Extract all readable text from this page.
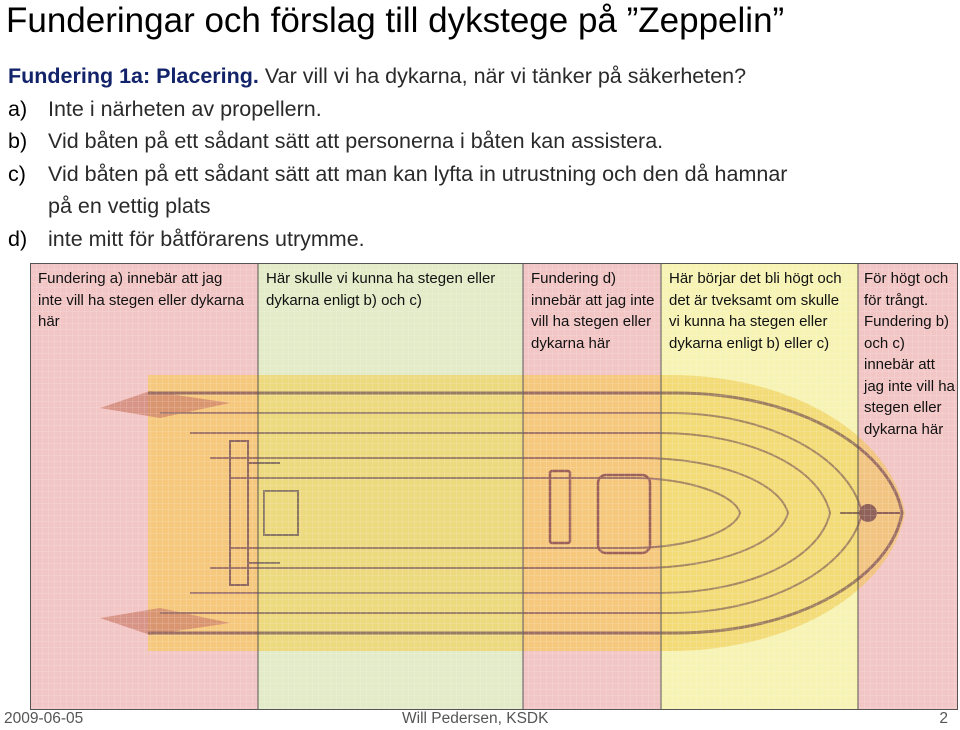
Funderingar och förslag till dykstege på ”Zeppelin”
Fundering 1a: Placering. Var vill vi ha dykarna, när vi tänker på säkerheten?
a) Inte i närheten av propellern.
b) Vid båten på ett sådant sätt att personerna i båten kan assistera.
c) Vid båten på ett sådant sätt att man kan lyfta in utrustning och den då hamnar
på en vettig plats
d) inte mitt för båtförarens utrymme.
Fundering a) innebär att jag inte vill ha stegen eller dykarna här
Här skulle vi kunna ha stegen eller dykarna enligt b) och c)
Fundering d) innebär att jag inte vill ha stegen eller dykarna här
Här börjar det bli högt och det är tveksamt om skulle vi kunna ha stegen eller dykarna enligt b) eller c)
För högt och för trångt. Fundering b) och c) innebär att jag inte vill ha stegen eller dykarna här
2009-06-05	Will Pedersen, KSDK	2
